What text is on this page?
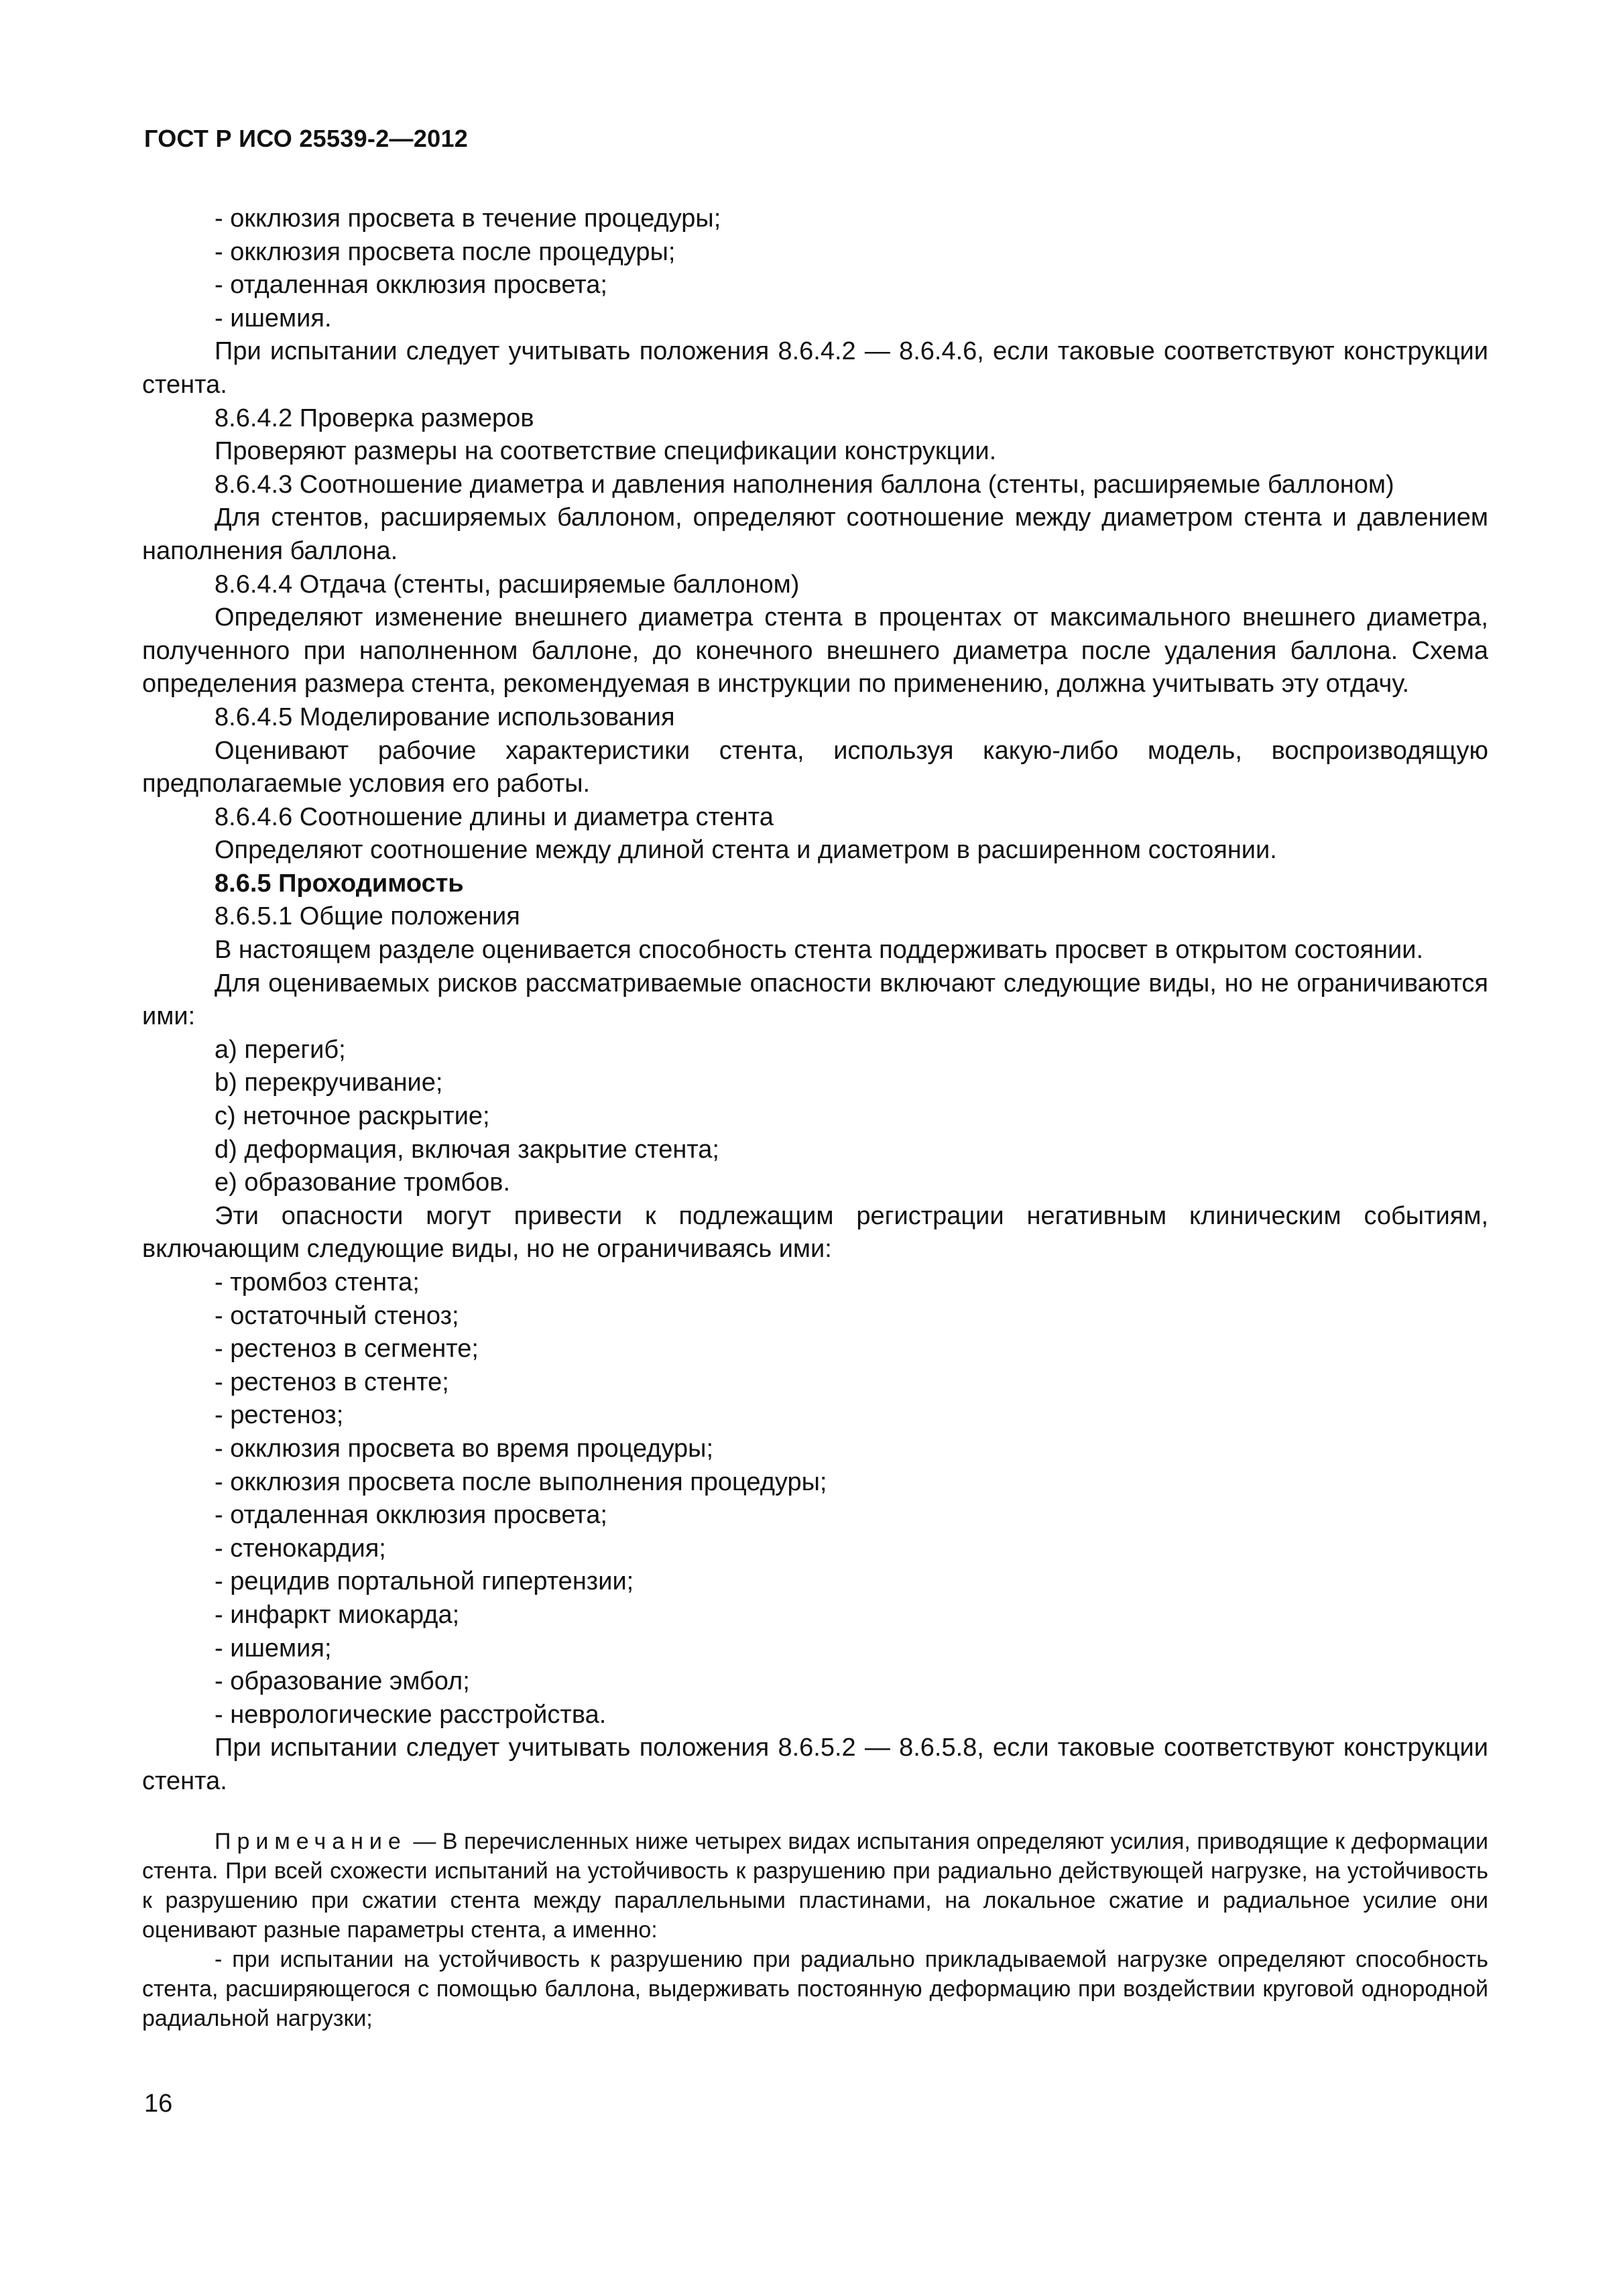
ГОСТ Р ИСО 25539-2—2012

- окклюзия просвета в течение процедуры;

- окклюзия просвета после процедуры;

- отдаленная окклюзия просвета;

- ишемия.

При испытании следует учитывать положения 8.6.4.2 — 8.6.4.6, если таковые соответствуют конструкции стента.

8.6.4.2 Проверка размеров

Проверяют размеры на соответствие спецификации конструкции.

8.6.4.3 Соотношение диаметра и давления наполнения баллона (стенты, расширяемые баллоном)

Для стентов, расширяемых баллоном, определяют соотношение между диаметром стента и давлением наполнения баллона.

8.6.4.4 Отдача (стенты, расширяемые баллоном)

Определяют изменение внешнего диаметра стента в процентах от максимального внешнего диаметра, полученного при наполненном баллоне, до конечного внешнего диаметра после удаления баллона. Схема определения размера стента, рекомендуемая в инструкции по применению, должна учитывать эту отдачу.

8.6.4.5 Моделирование использования

Оценивают рабочие характеристики стента, используя какую-либо модель, воспроизводящую предполагаемые условия его работы.

8.6.4.6 Соотношение длины и диаметра стента

Определяют соотношение между длиной стента и диаметром в расширенном состоянии.

8.6.5 Проходимость

8.6.5.1 Общие положения

В настоящем разделе оценивается способность стента поддерживать просвет в открытом состоянии.

Для оцениваемых рисков рассматриваемые опасности включают следующие виды, но не ограничиваются ими:

a) перегиб;

b) перекручивание;

c) неточное раскрытие;

d) деформация, включая закрытие стента;

e) образование тромбов.

Эти опасности могут привести к подлежащим регистрации негативным клиническим событиям, включающим следующие виды, но не ограничиваясь ими:

- тромбоз стента;

- остаточный стеноз;

- рестеноз в сегменте;

- рестеноз в стенте;

- рестеноз;

- окклюзия просвета во время процедуры;

- окклюзия просвета после выполнения процедуры;

- отдаленная окклюзия просвета;

- стенокардия;

- рецидив портальной гипертензии;

- инфаркт миокарда;

- ишемия;

- образование эмбол;

- неврологические расстройства.

При испытании следует учитывать положения 8.6.5.2 — 8.6.5.8, если таковые соответствуют конструкции стента.

Примечание — В перечисленных ниже четырех видах испытания определяют усилия, приводящие к деформации стента. При всей схожести испытаний на устойчивость к разрушению при радиально действующей нагрузке, на устойчивость к разрушению при сжатии стента между параллельными пластинами, на локальное сжатие и радиальное усилие они оценивают разные параметры стента, а именно:

- при испытании на устойчивость к разрушению при радиально прикладываемой нагрузке определяют способность стента, расширяющегося с помощью баллона, выдерживать постоянную деформацию при воздействии круговой однородной радиальной нагрузки;

16
